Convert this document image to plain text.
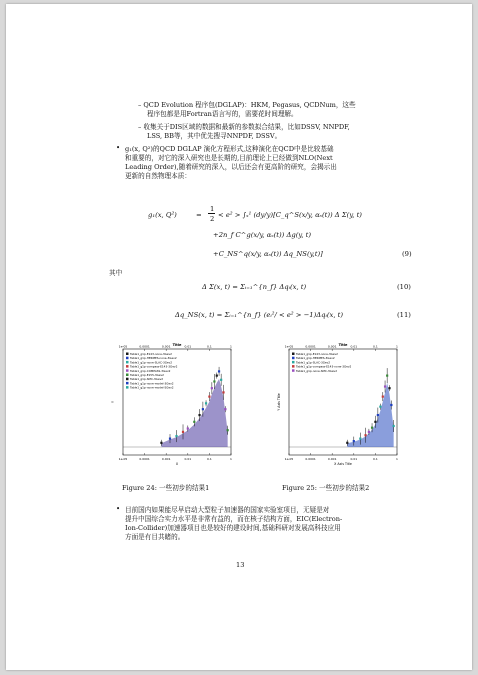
– QCD Evolution 程序包(DGLAP)：HKM, Pegasus, QCDNum，这些
程序包都是用Fortran语言写的，需要花时间理解。
– 收集关于DIS区域的数据和最新的参数拟合结果，比如DSSV, NNPDF,
LSS, BB等，其中优先搜寻NNPDF, DSSV。
• g₁(x, Q²)的QCD DGLAP 演化方程形式,这种演化在QCD中是比较基础
和重要的，对它的深入研究也是长期的,目前理论上已经做到NLO(Next
Leading Order),随着研究的深入，以后还会有更高阶的研究，会揭示出
更新的自然物理本质：
g₁(x, Q²)	=
1
2 < e² > ∫ₓ¹ (dy/y)[C_q^S(x/y, αₛ(t)) Δ Σ(y, t)
+2n_f C^g(x/y, αₛ(t)) Δg(y, t)
+C_NS^q(x/y, αₛ(t)) Δq_NS(y,t)]	(9)
其中
Δ Σ(x, t) = Σᵢ₌₁^{n_f} Δqᵢ(x, t)	(10)
Δq_NS(x, t) = Σᵢ₌₁^{n_f} (eᵢ²/ < e² > −1)Δqᵢ(x, t)	(11)
Title
1e-05
1e-05
0.0001
0.0001
0.001
0.001
0.01
0.01
0.1
0.1
1
1
X
Y
Table1_g1p-E143-none-3Gev2
Table1_g1p-HERMES-none-3Gev2
Table1_g1p-none-SLAC-3Gev2
Table1_g1p-compass-E143-3Gev2
Table1_g1p-COMPASS-3Gev2
Table1_g1p-E155-3Gev2
Table1_g1p-SMC-3Gev2
Table1_g1p-none-model-3Gev2
Table1_g1p-none-model-5Gev2
Title
1e-05
1e-05
0.0001
0.0001
0.001
0.001
0.01
0.01
0.1
0.1
1
1
X Axis Title
Y Axis Title
Table1_g1p-E143-none-3Gev2
Table1_g1p-HERMES-3Gev2
Table1_g1p-SLAC-3Gev2
Table1_g1p-compass-E143-none-3Gev2
Table1_g1p-none-SMC-3Gev2
Figure 24: 一些初步的结果1	Figure 25: 一些初步的结果2
• 目前国内如果能尽早启动大型粒子加速器的国家实验室项目，无疑是对
提升中国综合实力水平是非常有益的，而在核子结构方面，EIC(Electron-
Ion-Collider)加速器项目也是较好的建设时间,基础科研对发展高科技应用
方面是有目共睹的。
13
